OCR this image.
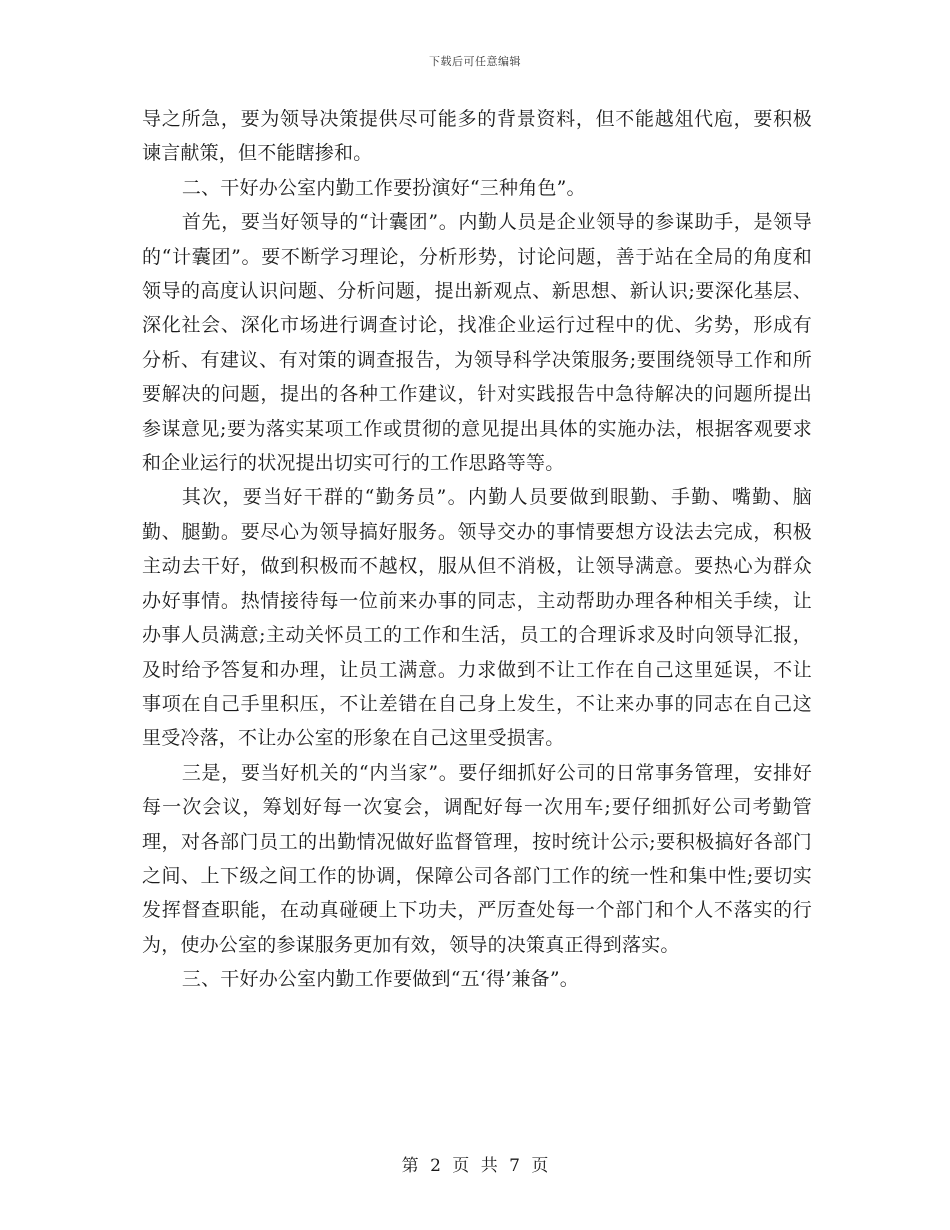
下载后可任意编辑

导之所急，要为领导决策提供尽可能多的背景资料，但不能越俎代庖，要积极谏言献策，但不能瞎掺和。

二、干好办公室内勤工作要扮演好“三种角色”。

首先，要当好领导的“计囊团”。内勤人员是企业领导的参谋助手，是领导的“计囊团”。要不断学习理论，分析形势，讨论问题，善于站在全局的角度和领导的高度认识问题、分析问题，提出新观点、新思想、新认识;要深化基层、深化社会、深化市场进行调查讨论，找准企业运行过程中的优、劣势，形成有分析、有建议、有对策的调查报告，为领导科学决策服务;要围绕领导工作和所要解决的问题，提出的各种工作建议，针对实践报告中急待解决的问题所提出参谋意见;要为落实某项工作或贯彻的意见提出具体的实施办法，根据客观要求和企业运行的状况提出切实可行的工作思路等等。

其次，要当好干群的“勤务员”。内勤人员要做到眼勤、手勤、嘴勤、脑勤、腿勤。要尽心为领导搞好服务。领导交办的事情要想方设法去完成，积极主动去干好，做到积极而不越权，服从但不消极，让领导满意。要热心为群众办好事情。热情接待每一位前来办事的同志，主动帮助办理各种相关手续，让办事人员满意;主动关怀员工的工作和生活，员工的合理诉求及时向领导汇报，及时给予答复和办理，让员工满意。力求做到不让工作在自己这里延误，不让事项在自己手里积压，不让差错在自己身上发生，不让来办事的同志在自己这里受冷落，不让办公室的形象在自己这里受损害。

三是，要当好机关的“内当家”。要仔细抓好公司的日常事务管理，安排好每一次会议，筹划好每一次宴会，调配好每一次用车;要仔细抓好公司考勤管理，对各部门员工的出勤情况做好监督管理，按时统计公示;要积极搞好各部门之间、上下级之间工作的协调，保障公司各部门工作的统一性和集中性;要切实发挥督查职能，在动真碰硬上下功夫，严厉查处每一个部门和个人不落实的行为，使办公室的参谋服务更加有效，领导的决策真正得到落实。

三、干好办公室内勤工作要做到“五‘得’兼备”。

第 2 页 共 7 页
